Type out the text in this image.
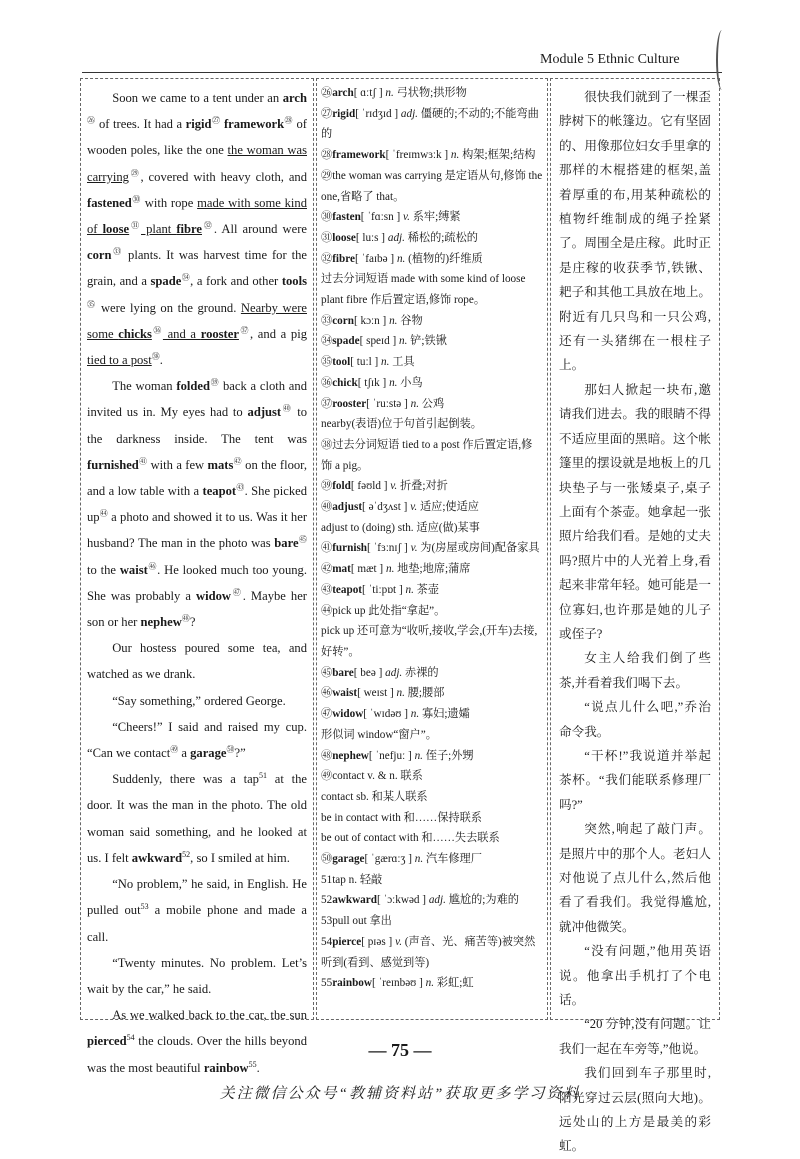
Module 5 Ethnic Culture

Soon we came to a tent under an arch$^㉖$ of trees. It had a rigid$^㉗$ framework$^㉘$ of wooden poles, like the one the woman was carrying$^㉙$, covered with heavy cloth, and fastened$^㉚$ with rope made with some kind of loose$^㉛$ plant fibre$^㉜$. All around were corn$^㉝$ plants. It was harvest time for the grain, and a spade$^㉞$, a fork and other tools$^㉟$ were lying on the ground. Nearby were some chicks$^㊱$ and a rooster$^㊲$, and a pig tied to a post$^㊳$.

The woman folded$^㊴$ back a cloth and invited us in. My eyes had to adjust$^㊵$ to the darkness inside. The tent was furnished$^㊶$ with a few mats$^㊷$ on the floor, and a low table with a teapot$^㊸$. She picked $up^㊹$ a photo and showed it to us. Was it her husband? The man in the photo was bare$^㊺$ to the waist$^㊻$. He looked much too young. She was probably a widow$^㊼$. Maybe her son or her nephew$^㊽$?

Our hostess poured some tea, and watched as we drank.

“Say something,” ordered George.

“Cheers!” I said and raised my cup. “Can we contact$^㊾$ a garage$^㊿$?”

Suddenly, there was a tap$^{51}$ at the door. It was the man in the photo. The old woman said something, and he looked at us. I felt awkward$^{52}$, so I smiled at him.

“No problem,” he said, in English. He pulled out$^{53}$ a mobile phone and made a call.

“Twenty minutes. No problem. Let’s wait by the car,” he said.

As we walked back to the car, the sun pierced$^{54}$ the clouds. Over the hills beyond was the most beautiful rainbow$^{55}$.

㉖arch[ ɑːtʃ ] n. 弓状物;拱形物
㉗rigid[ ˈrɪdʒɪd ] adj. 僵硬的;不动的;不能弯曲的
㉘framework[ ˈfreɪmwɜːk ] n. 构架;框架;结构
㉙the woman was carrying 是定语从句,修饰 the one,省略了 that。
㉚fasten[ ˈfɑːsn ] v. 系牢;缚紧
㉛loose[ luːs ] adj. 稀松的;疏松的
㉜fibre[ ˈfaɪbə ] n. (植物的)纤维质
过去分词短语 made with some kind of loose plant fibre 作后置定语,修饰 rope。
㉝corn[ kɔːn ] n. 谷物
㉞spade[ speɪd ] n. 铲;铁锹
㉟tool[ tuːl ] n. 工具
㊱chick[ tʃɪk ] n. 小鸟
㊲rooster[ ˈruːstə ] n. 公鸡
nearby(表语)位于句首引起倒装。
㊳过去分词短语 tied to a post 作后置定语,修饰 a pig。
㊴fold[ fəʊld ] v. 折叠;对折
㊵adjust[ əˈdʒʌst ] v. 适应;使适应
adjust to (doing) sth. 适应(做)某事
㊶furnish[ ˈfɜːnɪʃ ] v. 为(房屋或房间)配备家具
㊷mat[ mæt ] n. 地垫;地席;蒲席
㊸teapot[ ˈtiːpɒt ] n. 茶壶
㊹pick up 此处指“拿起”。
pick up 还可意为“收听,接收,学会,(开车)去接,好转”。
㊺bare[ beə ] adj. 赤裸的
㊻waist[ weɪst ] n. 腰;腰部
㊼widow[ ˈwɪdəʊ ] n. 寡妇;遗孀
形似词 window“窗户”。
㊽nephew[ ˈnefjuː ] n. 侄子;外甥
㊾contact v. & n. 联系
contact sb. 和某人联系
be in contact with 和……保持联系
be out of contact with 和……失去联系
㊿garage[ ˈgærɑːʒ ] n. 汽车修理厂
51tap n. 轻敲
52awkward[ ˈɔːkwəd ] adj. 尴尬的;为难的
53pull out 拿出
54pierce[ pɪəs ] v. (声音、光、痛苦等)被突然听到(看到、感觉到等)
55rainbow[ ˈreɪnbəʊ ] n. 彩虹;虹

很快我们就到了一棵歪脖树下的帐篷边。它有坚固的、用像那位妇女手里拿的那样的木棍搭建的框架,盖着厚重的布,用某种疏松的植物纤维制成的绳子拴紧了。周围全是庄稼。此时正是庄稼的收获季节,铁锹、耙子和其他工具放在地上。附近有几只鸟和一只公鸡,还有一头猪绑在一根柱子上。

那妇人掀起一块布,邀请我们进去。我的眼睛不得不适应里面的黑暗。这个帐篷里的摆设就是地板上的几块垫子与一张矮桌子,桌子上面有个茶壶。她拿起一张照片给我们看。是她的丈夫吗?照片中的人光着上身,看起来非常年轻。她可能是一位寡妇,也许那是她的儿子或侄子?

女主人给我们倒了些茶,并看着我们喝下去。

“说点儿什么吧,”乔治命令我。

“干杯!”我说道并举起茶杯。“我们能联系修理厂吗?”

突然,响起了敲门声。是照片中的那个人。老妇人对他说了点儿什么,然后他看了看我们。我觉得尴尬,就冲他微笑。

“没有问题,”他用英语说。他拿出手机打了个电话。

“20 分钟,没有问题。让我们一起在车旁等,”他说。

我们回到车子那里时,阳光穿过云层(照向大地)。远处山的上方是最美的彩虹。

— 75 —
关注微信公众号“教辅资料站”获取更多学习资料
